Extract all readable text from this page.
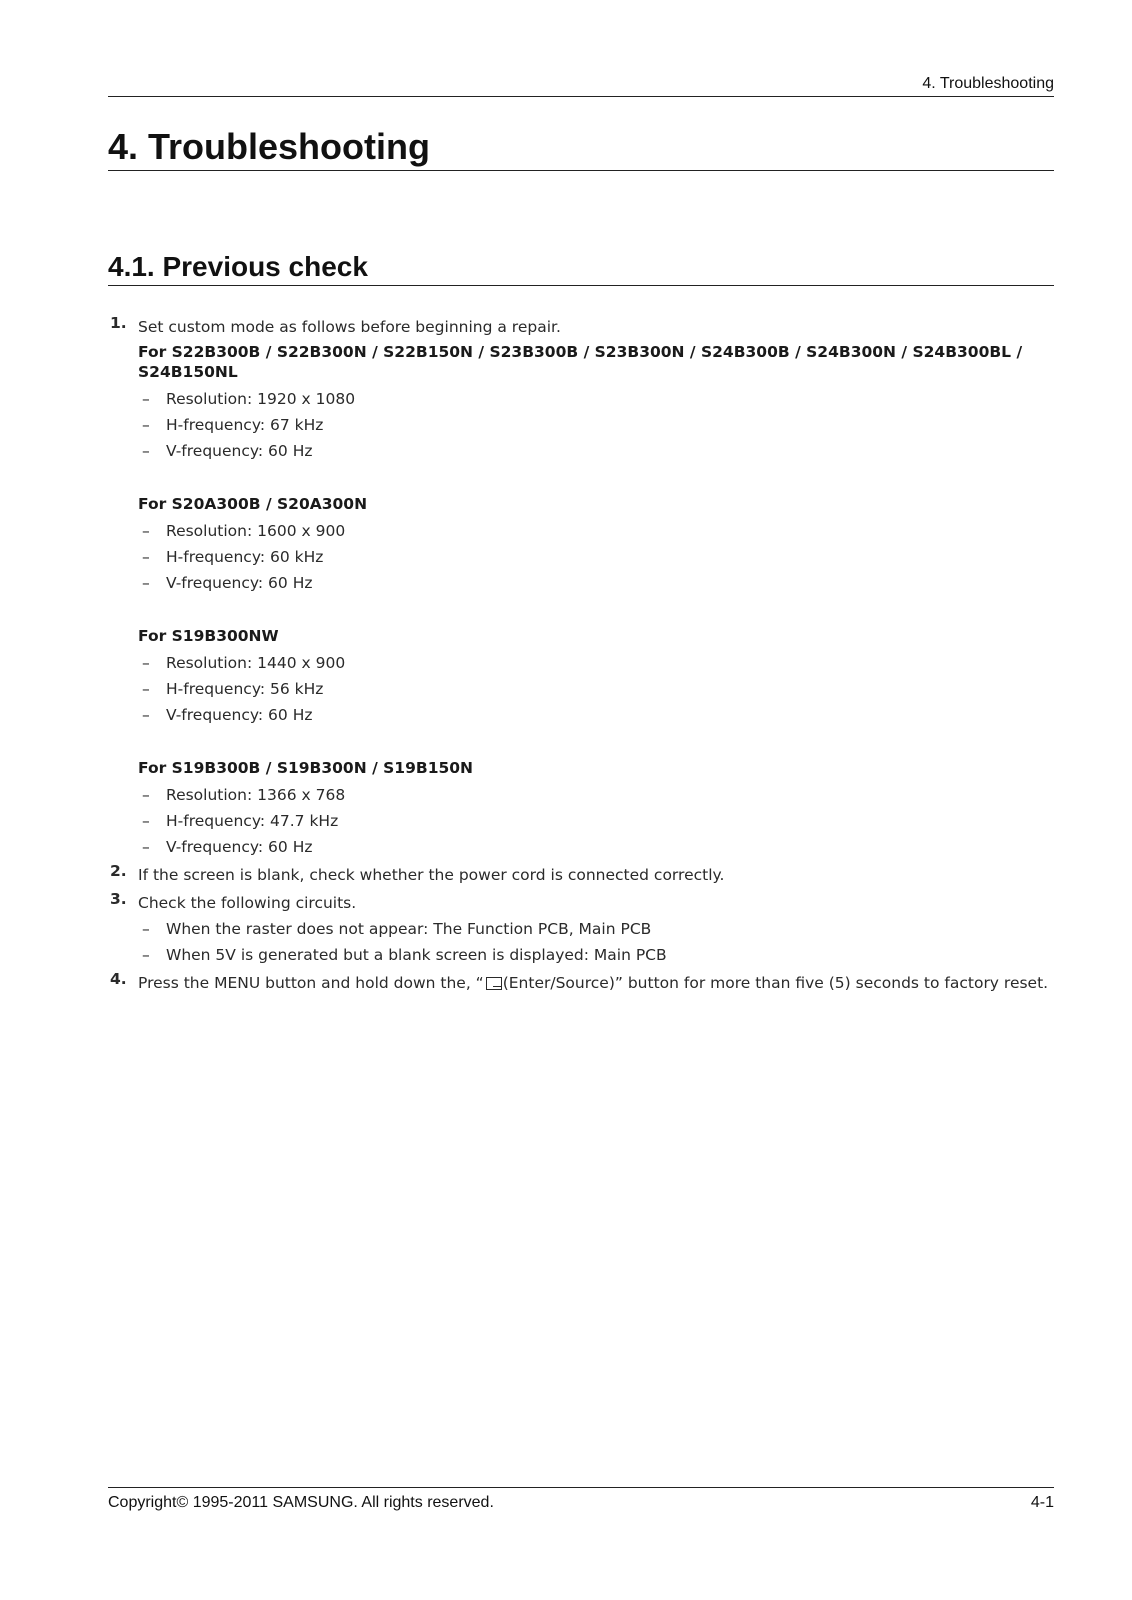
4. Troubleshooting
4. Troubleshooting
4.1. Previous check
1. Set custom mode as follows before beginning a repair.
For S22B300B / S22B300N / S22B150N / S23B300B / S23B300N / S24B300B / S24B300N / S24B300BL / S24B150NL
– Resolution: 1920 x 1080
– H-frequency: 67 kHz
– V-frequency: 60 Hz
For S20A300B / S20A300N
– Resolution: 1600 x 900
– H-frequency: 60 kHz
– V-frequency: 60 Hz
For S19B300NW
– Resolution: 1440 x 900
– H-frequency: 56 kHz
– V-frequency: 60 Hz
For S19B300B / S19B300N / S19B150N
– Resolution: 1366 x 768
– H-frequency: 47.7 kHz
– V-frequency: 60 Hz
2. If the screen is blank, check whether the power cord is connected correctly.
3. Check the following circuits.
– When the raster does not appear: The Function PCB, Main PCB
– When 5V is generated but a blank screen is displayed: Main PCB
4. Press the MENU button and hold down the, “ (Enter/Source)” button for more than five (5) seconds to factory reset.
Copyright© 1995-2011 SAMSUNG. All rights reserved.	4-1
